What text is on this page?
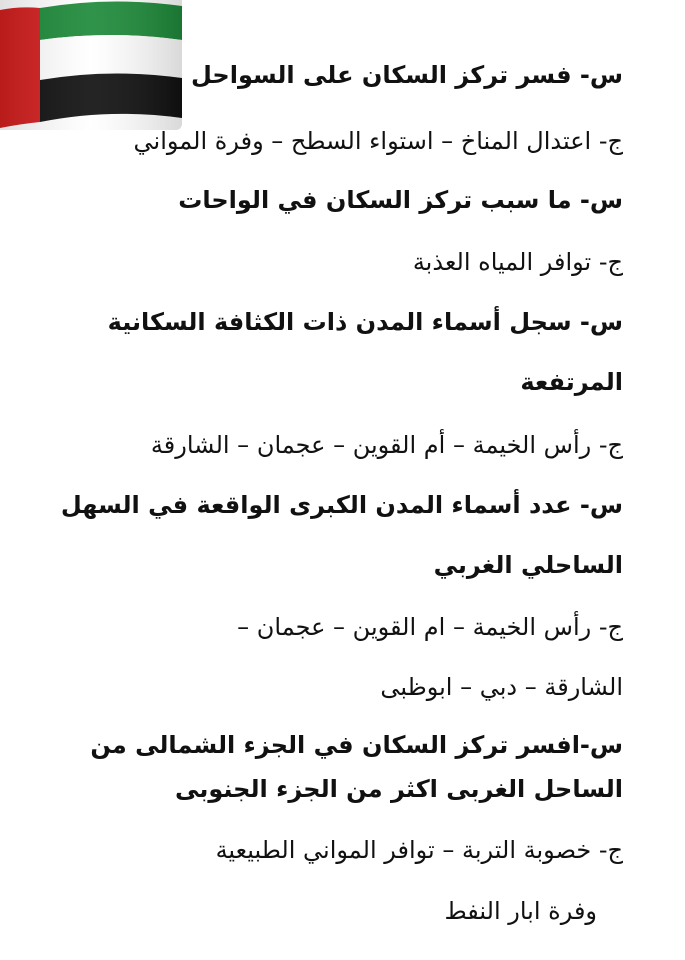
س- فسر تركز السكان على السواحل
ج- اعتدال المناخ – استواء السطح – وفرة المواني
س- ما سبب تركز السكان في الواحات
ج- توافر المياه العذبة
س- سجل أسماء المدن ذات الكثافة السكانية
المرتفعة
ج- رأس الخيمة – أم القوين – عجمان – الشارقة
س- عدد أسماء المدن الكبرى الواقعة في السهل
الساحلي الغربي
ج- رأس الخيمة – ام القوين – عجمان –
الشارقة – دبي – ابوظبى
س-افسر تركز السكان في الجزء الشمالى من
الساحل الغربى اكثر من الجزء الجنوبى
ج- خصوبة التربة – توافر المواني الطبيعية
وفرة ابار النفط
